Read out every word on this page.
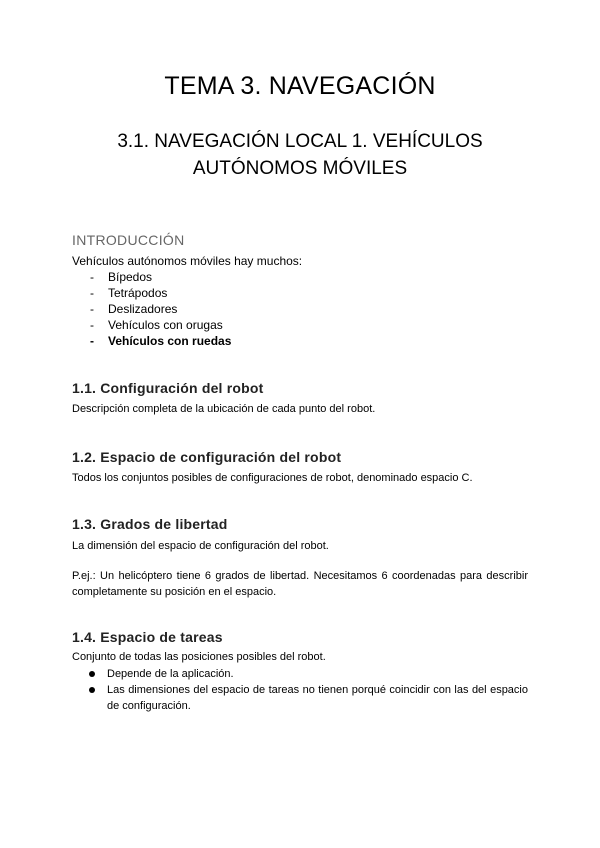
TEMA 3. NAVEGACIÓN
3.1. NAVEGACIÓN LOCAL 1. VEHÍCULOS
AUTÓNOMOS MÓVILES
INTRODUCCIÓN
Vehículos autónomos móviles hay muchos:
- Bípedos
- Tetrápodos
- Deslizadores
- Vehículos con orugas
- Vehículos con ruedas
1.1. Configuración del robot
Descripción completa de la ubicación de cada punto del robot.
1.2. Espacio de configuración del robot
Todos los conjuntos posibles de configuraciones de robot, denominado espacio C.
1.3. Grados de libertad
La dimensión del espacio de configuración del robot.
P.ej.: Un helicóptero tiene 6 grados de libertad. Necesitamos 6 coordenadas para describir completamente su posición en el espacio.
1.4. Espacio de tareas
Conjunto de todas las posiciones posibles del robot.
Depende de la aplicación.
Las dimensiones del espacio de tareas no tienen porqué coincidir con las del espacio de configuración.
